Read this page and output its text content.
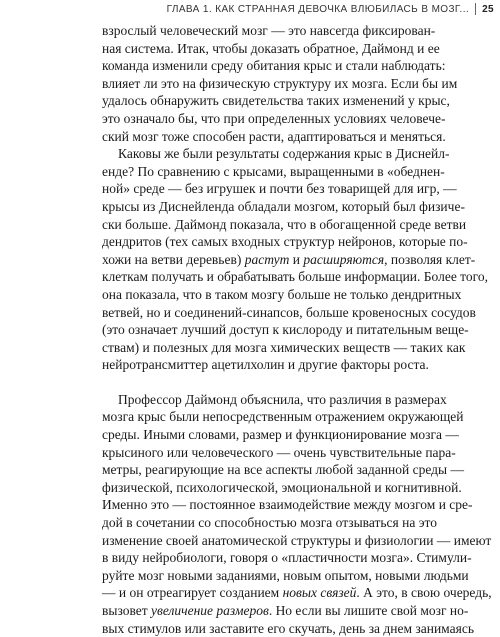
ГЛАВА 1. КАК СТРАННАЯ ДЕВОЧКА ВЛЮБИЛАСЬ В МОЗГ... 25
взрослый человеческий мозг — это навсегда фиксирован-
ная система. Итак, чтобы доказать обратное, Даймонд и ее
команда изменили среду обитания крыс и стали наблюдать:
влияет ли это на физическую структуру их мозга. Если бы им
удалось обнаружить свидетельства таких изменений у крыс,
это означало бы, что при определенных условиях человече-
ский мозг тоже способен расти, адаптироваться и меняться.
Каковы же были результаты содержания крыс в Диснейл-
енде? По сравнению с крысами, выращенными в «обеднен-
ной» среде — без игрушек и почти без товарищей для игр, —
крысы из Диснейленда обладали мозгом, который был физиче-
ски больше. Даймонд показала, что в обогащенной среде ветви
дендритов (тех самых входных структур нейронов, которые по-
хожи на ветви деревьев) растут и расширяются, позволяя клет-
клеткам получать и обрабатывать больше информации. Более того,
она показала, что в таком мозгу больше не только дендритных
ветвей, но и соединений-синапсов, больше кровеносных сосудов
(это означает лучший доступ к кислороду и питательным веще-
ствам) и полезных для мозга химических веществ — таких как
нейротрансмиттер ацетилхолин и другие факторы роста.
Профессор Даймонд объяснила, что различия в размерах
мозга крыс были непосредственным отражением окружающей
среды. Иными словами, размер и функционирование мозга —
крысиного или человеческого — очень чувствительные пара-
метры, реагирующие на все аспекты любой заданной среды —
физической, психологической, эмоциональной и когнитивной.
Именно это — постоянное взаимодействие между мозгом и сре-
дой в сочетании со способностью мозга отзываться на это
изменение своей анатомической структуры и физиологии — имеют
в виду нейробиологи, говоря о «пластичности мозга». Стимули-
руйте мозг новыми заданиями, новым опытом, новыми людьми
— и он отреагирует созданием новых связей. А это, в свою очередь,
вызовет увеличение размеров. Но если вы лишите свой мозг но-
вых стимулов или заставите его скучать, день за днем занимаясь
